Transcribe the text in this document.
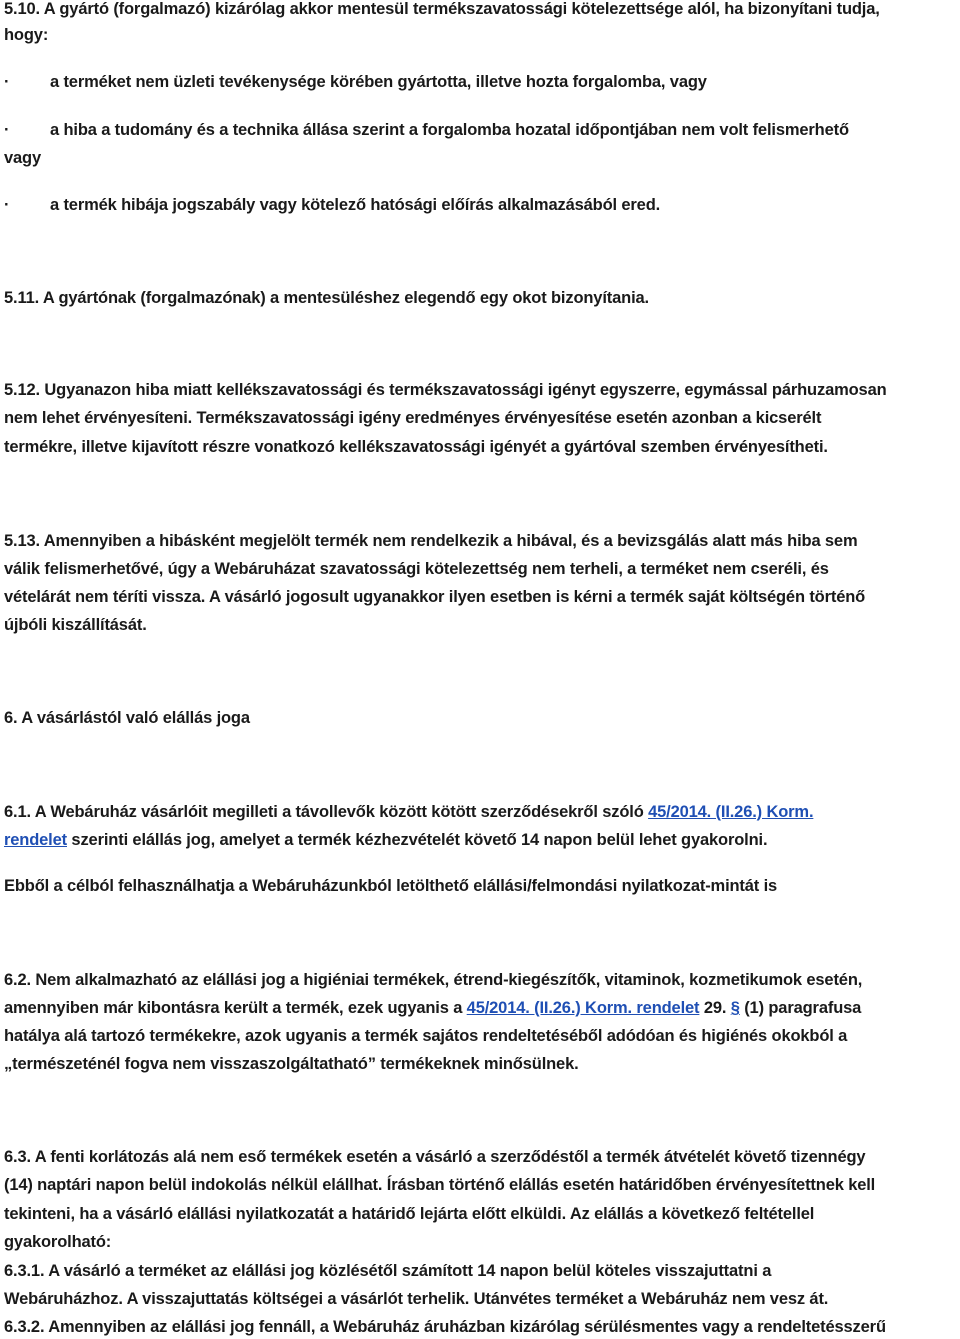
5.10. A gyártó (forgalmazó) kizárólag akkor mentesül termékszavatossági kötelezettsége alól, ha bizonyítani tudja,
hogy:
· a terméket nem üzleti tevékenysége körében gyártotta, illetve hozta forgalomba, vagy
· a hiba a tudomány és a technika állása szerint a forgalomba hozatal időpontjában nem volt felismerhető
vagy
· a termék hibája jogszabály vagy kötelező hatósági előírás alkalmazásából ered.
5.11. A gyártónak (forgalmazónak) a mentesüléshez elegendő egy okot bizonyítania.
5.12. Ugyanazon hiba miatt kellékszavatossági és termékszavatossági igényt egyszerre, egymással párhuzamosan
nem lehet érvényesíteni. Termékszavatossági igény eredményes érvényesítése esetén azonban a kicserélt
termékre, illetve kijavított részre vonatkozó kellékszavatossági igényét a gyártóval szemben érvényesítheti.
5.13. Amennyiben a hibásként megjelölt termék nem rendelkezik a hibával, és a bevizsgálás alatt más hiba sem
válik felismerhetővé, úgy a Webáruházat szavatossági kötelezettség nem terheli, a terméket nem cseréli, és
vételárát nem téríti vissza. A vásárló jogosult ugyanakkor ilyen esetben is kérni a termék saját költségén történő
újbóli kiszállítását.
6. A vásárlástól való elállás joga
6.1. A Webáruház vásárlóit megilleti a távollevők között kötött szerződésekről szóló 45/2014. (II.26.) Korm.
rendelet szerinti elállás jog, amelyet a termék kézhezvételét követő 14 napon belül lehet gyakorolni.
Ebből a célból felhasználhatja a Webáruházunkból letölthető elállási/felmondási nyilatkozat-mintát is
6.2. Nem alkalmazható az elállási jog a higiéniai termékek, étrend-kiegészítők, vitaminok, kozmetikumok esetén,
amennyiben már kibontásra került a termék, ezek ugyanis a 45/2014. (II.26.) Korm. rendelet 29. § (1) paragrafusa
hatálya alá tartozó termékekre, azok ugyanis a termék sajátos rendeltetéséből adódóan és higiénés okokból a
„természeténél fogva nem visszaszolgáltatható” termékeknek minősülnek.
6.3. A fenti korlátozás alá nem eső termékek esetén a vásárló a szerződéstől a termék átvételét követő tizennégy
(14) naptári napon belül indokolás nélkül elállhat. Írásban történő elállás esetén határidőben érvényesítettnek kell
tekinteni, ha a vásárló elállási nyilatkozatát a határidő lejárta előtt elküldi. Az elállás a következő feltétellel
gyakorolható:
6.3.1. A vásárló a terméket az elállási jog közlésétől számított 14 napon belül köteles visszajuttatni a
Webáruházhoz. A visszajuttatás költségei a vásárlót terhelik. Utánvétes terméket a Webáruház nem vesz át.
6.3.2. Amennyiben az elállási jog fennáll, a Webáruház áruházban kizárólag sérülésmentes vagy a rendeltetésszerű
